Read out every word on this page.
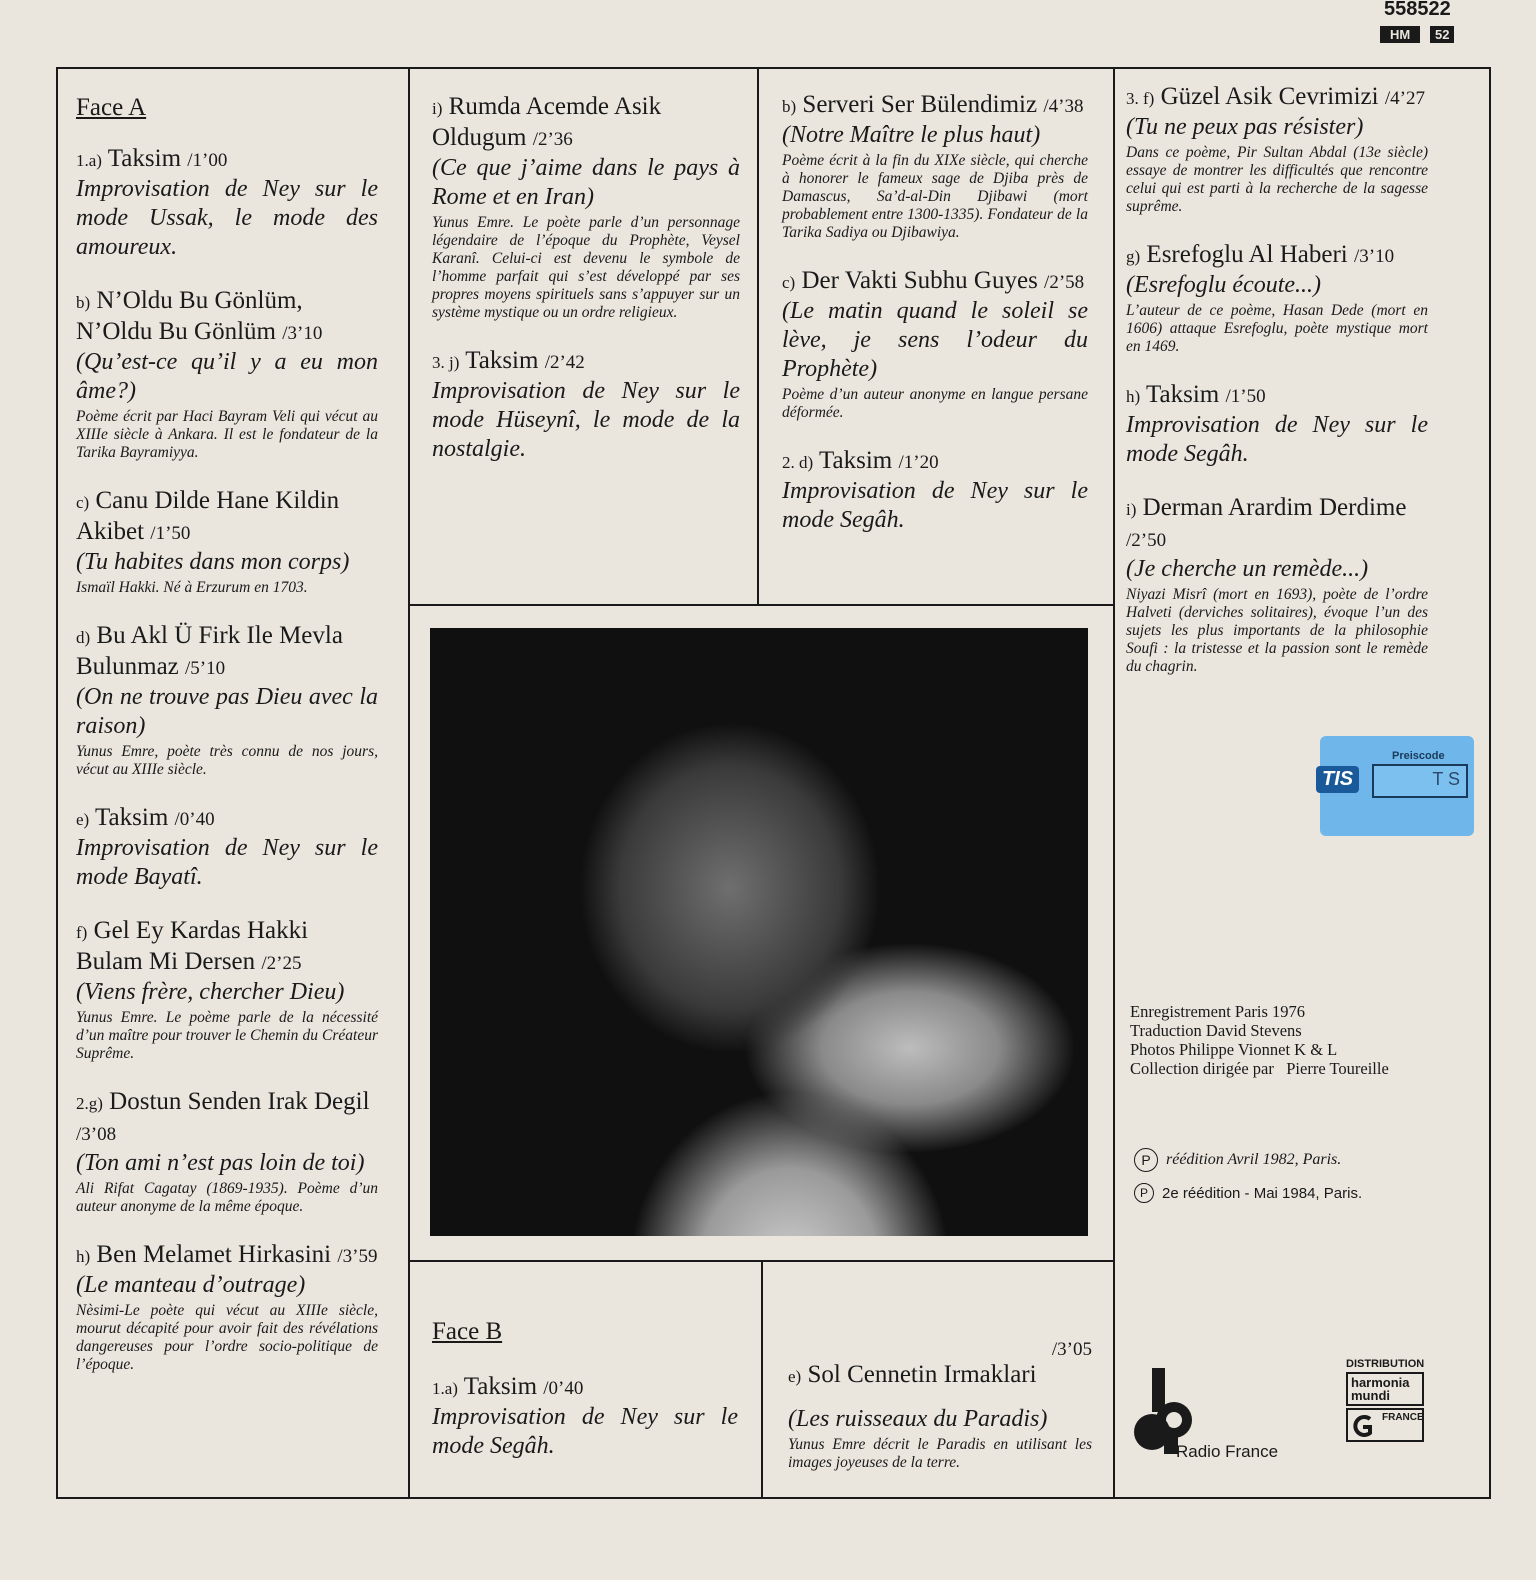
558522
HM	52
Face A
1.a) Taksim /1’00
Improvisation de Ney sur le mode Ussak, le mode des amoureux.
b) N’Oldu Bu Gönlüm, N’Oldu Bu Gönlüm /3’10
(Qu’est-ce qu’il y a eu mon âme?)
Poème écrit par Haci Bayram Veli qui vécut au XIIIe siècle à Ankara. Il est le fondateur de la Tarika Bayramiyya.
c) Canu Dilde Hane Kildin Akibet /1’50
(Tu habites dans mon corps)
Ismaïl Hakki. Né à Erzurum en 1703.
d) Bu Akl Ü Firk Ile Mevla Bulunmaz /5’10
(On ne trouve pas Dieu avec la raison)
Yunus Emre, poète très connu de nos jours, vécut au XIIIe siècle.
e) Taksim /0’40
Improvisation de Ney sur le mode Bayatî.
f) Gel Ey Kardas Hakki Bulam Mi Dersen /2’25
(Viens frère, chercher Dieu)
Yunus Emre. Le poème parle de la nécessité d’un maître pour trouver le Chemin du Créateur Suprême.
2.g) Dostun Senden Irak Degil /3’08
(Ton ami n’est pas loin de toi)
Ali Rifat Cagatay (1869-1935). Poème d’un auteur anonyme de la même époque.
h) Ben Melamet Hirkasini /3’59
(Le manteau d’outrage)
Nèsimi-Le poète qui vécut au XIIIe siècle, mourut décapité pour avoir fait des révélations dangereuses pour l’ordre socio-politique de l’époque.
i) Rumda Acemde Asik Oldugum /2’36
(Ce que j’aime dans le pays à Rome et en Iran)
Yunus Emre. Le poète parle d’un personnage légendaire de l’époque du Prophète, Veysel Karanî. Celui-ci est devenu le symbole de l’homme parfait qui s’est développé par ses propres moyens spirituels sans s’appuyer sur un système mystique ou un ordre religieux.
3. j) Taksim /2’42
Improvisation de Ney sur le mode Hüseynî, le mode de la nostalgie.
b) Serveri Ser Bülendimiz /4’38
(Notre Maître le plus haut)
Poème écrit à la fin du XIXe siècle, qui cherche à honorer le fameux sage de Djiba près de Damascus, Sa’d-al-Din Djibawi (mort probablement entre 1300-1335). Fondateur de la Tarika Sadiya ou Djibawiya.
c) Der Vakti Subhu Guyes /2’58
(Le matin quand le soleil se lève, je sens l’odeur du Prophète)
Poème d’un auteur anonyme en langue persane déformée.
2. d) Taksim /1’20
Improvisation de Ney sur le mode Segâh.
3. f) Güzel Asik Cevrimizi /4’27
(Tu ne peux pas résister)
Dans ce poème, Pir Sultan Abdal (13e siècle) essaye de montrer les difficultés que rencontre celui qui est parti à la recherche de la sagesse suprême.
g) Esrefoglu Al Haberi /3’10
(Esrefoglu écoute...)
L’auteur de ce poème, Hasan Dede (mort en 1606) attaque Esrefoglu, poète mystique mort en 1469.
h) Taksim /1’50
Improvisation de Ney sur le mode Segâh.
i) Derman Arardim Derdime /2’50
(Je cherche un remède...)
Niyazi Misrî (mort en 1693), poète de l’ordre Halveti (derviches solitaires), évoque l’un des sujets les plus importants de la philosophie Soufi : la tristesse et la passion sont le remède du chagrin.
TIS
Preiscode
T S
Enregistrement Paris 1976
Traduction David Stevens
Photos Philippe Vionnet K & L
Collection dirigée par   Pierre Toureille
P réédition Avril 1982, Paris.
P 2e réédition - Mai 1984, Paris.
Face B
1.a) Taksim /0’40
Improvisation de Ney sur le mode Segâh.
/3’05
e) Sol Cennetin Irmaklari
(Les ruisseaux du Paradis)
Yunus Emre décrit le Paradis en utilisant les images joyeuses de la terre.
Radio France
DISTRIBUTION
harmonia
mundi
FRANCE
